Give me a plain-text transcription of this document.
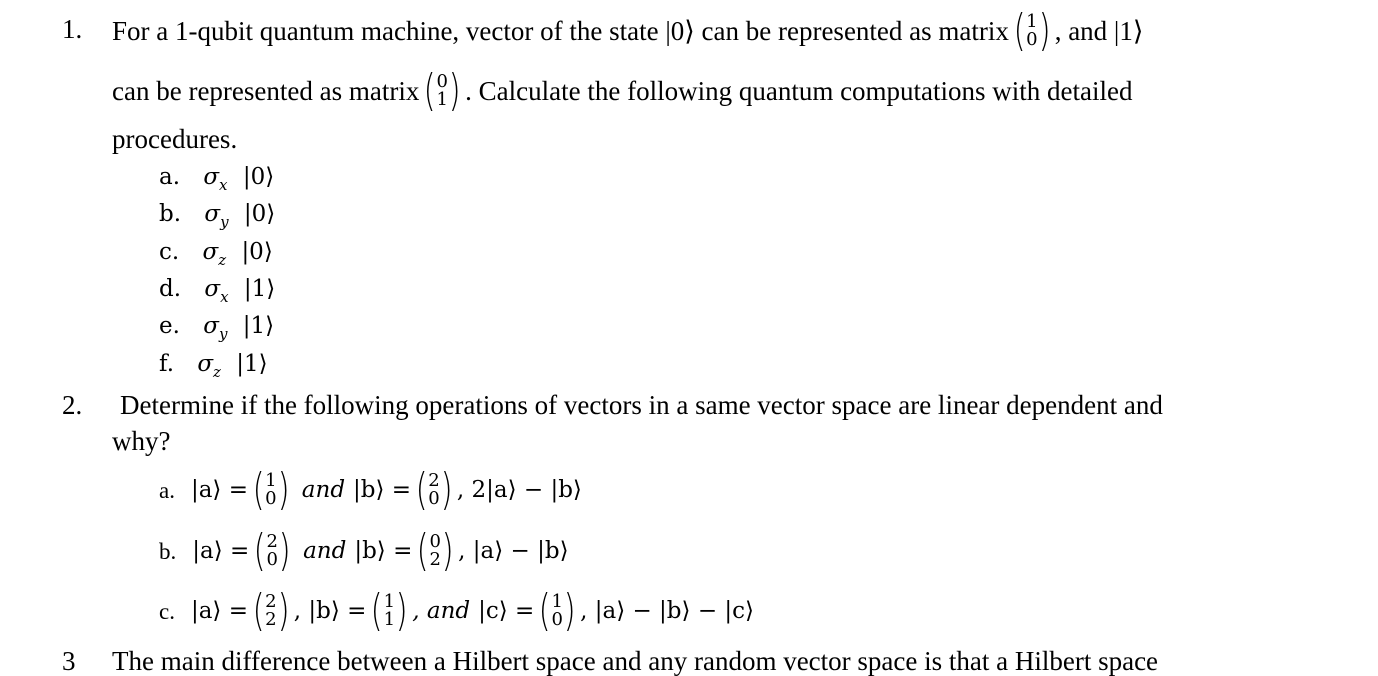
1. For a 1-qubit quantum machine, vector of the state |0⟩ can be represented as matrix ( 1
0 ) , and |1⟩
can be represented as matrix ( 0
1 ) . Calculate the following quantum computations with detailed
procedures.
a. $\sigma_x$ |0⟩
b. $\sigma_y$ |0⟩
c. $\sigma_z$ |0⟩
d. $\sigma_x$ |1⟩
e. $\sigma_y$ |1⟩
f. $\sigma_z$ |1⟩
2. Determine if the following operations of vectors in a same vector space are linear dependent and
why?
a. |a⟩ = ( 1
0 ) and |b⟩ = ( 2
0 ) , 2|a⟩ − |b⟩
b. |a⟩ = ( 2
0 ) and |b⟩ = ( 0
2 ) , |a⟩ − |b⟩
c. |a⟩ = ( 2
2 ) , |b⟩ = ( 1
1 ) , and |c⟩ = ( 1
0 ) , |a⟩ − |b⟩ − |c⟩
3 The main difference between a Hilbert space and any random vector space is that a Hilbert space
